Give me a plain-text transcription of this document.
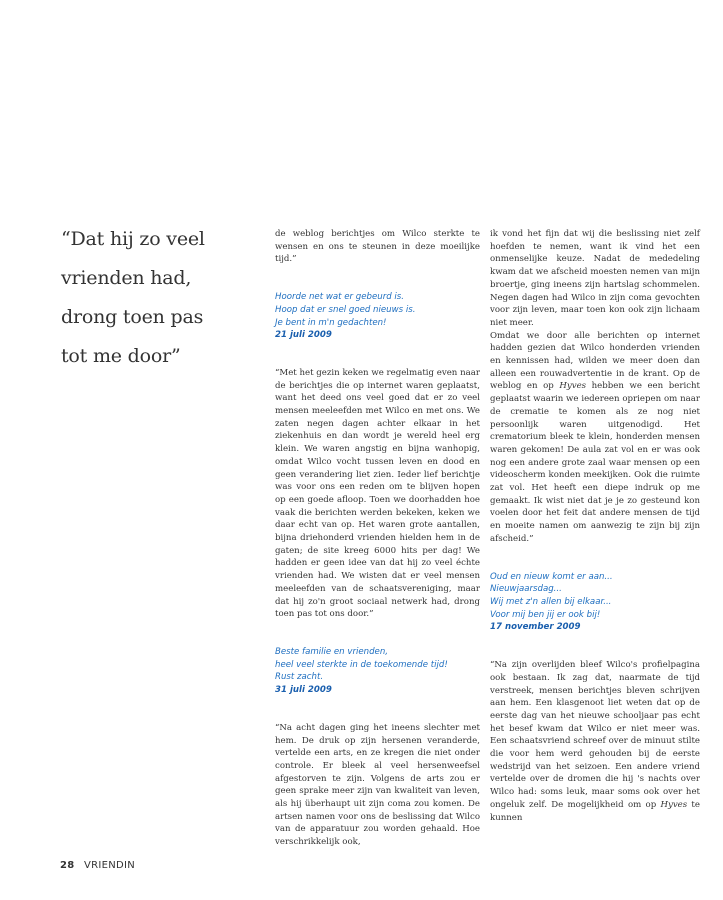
“Dat hij zo veel
vrienden had,
drong toen pas
tot me door”

de weblog berichtjes om Wilco sterkte te wensen en ons te steunen in deze moeilijke tijd.”

Hoorde net wat er gebeurd is.
Hoop dat er snel goed nieuws is.
Je bent in m'n gedachten!
21 juli 2009

“Met het gezin keken we regelmatig even naar de berichtjes die op internet waren geplaatst, want het deed ons veel goed dat er zo veel mensen meeleefden met Wilco en met ons. We zaten negen dagen achter elkaar in het ziekenhuis en dan wordt je wereld heel erg klein. We waren angstig en bijna wanhopig, omdat Wilco vocht tussen leven en dood en geen verandering liet zien. Ieder lief berichtje was voor ons een reden om te blijven hopen op een goede afloop. Toen we doorhadden hoe vaak die berichten werden bekeken, keken we daar echt van op. Het waren grote aantallen, bijna driehonderd vrienden hielden hem in de gaten; de site kreeg 6000 hits per dag! We hadden er geen idee van dat hij zo veel échte vrienden had. We wisten dat er veel mensen meeleefden van de schaatsvereniging, maar dat hij zo'n groot sociaal netwerk had, drong toen pas tot ons door.”

Beste familie en vrienden,
heel veel sterkte in de toekomende tijd!
Rust zacht.
31 juli 2009

“Na acht dagen ging het ineens slechter met hem. De druk op zijn hersenen veranderde, vertelde een arts, en ze kregen die niet onder controle. Er bleek al veel hersenweefsel afgestorven te zijn. Volgens de arts zou er geen sprake meer zijn van kwaliteit van leven, als hij überhaupt uit zijn coma zou komen. De artsen namen voor ons de beslissing dat Wilco van de apparatuur zou worden gehaald. Hoe verschrikkelijk ook,

ik vond het fijn dat wij die beslissing niet zelf hoefden te nemen, want ik vind het een onmenselijke keuze. Nadat de mededeling kwam dat we afscheid moesten nemen van mijn broertje, ging ineens zijn hartslag schommelen. Negen dagen had Wilco in zijn coma gevochten voor zijn leven, maar toen kon ook zijn lichaam niet meer.

Omdat we door alle berichten op internet hadden gezien dat Wilco honderden vrienden en kennissen had, wilden we meer doen dan alleen een rouwadvertentie in de krant. Op de weblog en op Hyves hebben we een bericht geplaatst waarin we iedereen opriepen om naar de crematie te komen als ze nog niet persoonlijk waren uitgenodigd. Het crematorium bleek te klein, honderden mensen waren gekomen! De aula zat vol en er was ook nog een andere grote zaal waar mensen op een videoscherm konden meekijken. Ook die ruimte zat vol. Het heeft een diepe indruk op me gemaakt. Ik wist niet dat je je zo gesteund kon voelen door het feit dat andere mensen de tijd en moeite namen om aanwezig te zijn bij zijn afscheid.”

Oud en nieuw komt er aan...
Nieuwjaarsdag...
Wij met z'n allen bij elkaar...
Voor mij ben jij er ook bij!
17 november 2009

“Na zijn overlijden bleef Wilco's profielpagina ook bestaan. Ik zag dat, naarmate de tijd verstreek, mensen berichtjes bleven schrijven aan hem. Een klasgenoot liet weten dat op de eerste dag van het nieuwe schooljaar pas echt het besef kwam dat Wilco er niet meer was. Een schaatsvriend schreef over de minuut stilte die voor hem werd gehouden bij de eerste wedstrijd van het seizoen. Een andere vriend vertelde over de dromen die hij 's nachts over Wilco had: soms leuk, maar soms ook over het ongeluk zelf. De mogelijkheid om op Hyves te kunnen

28 VRIENDIN
